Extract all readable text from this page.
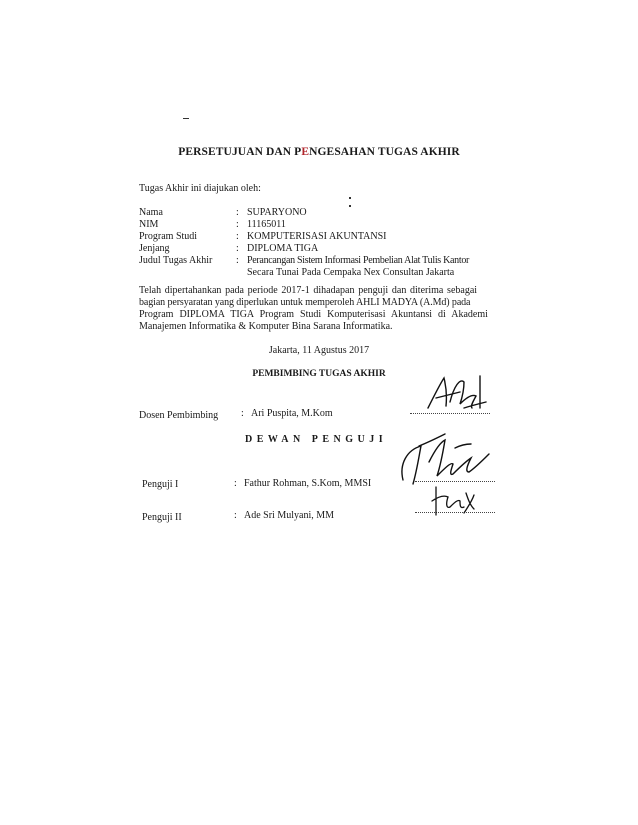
PERSETUJUAN DAN PENGESAHAN TUGAS AKHIR
Tugas Akhir ini diajukan oleh:
Nama	: SUPARYONO
NIM	: 11165011
Program Studi	: KOMPUTERISASI AKUNTANSI
Jenjang	: DIPLOMA TIGA
Judul Tugas Akhir : Perancangan Sistem Informasi Pembelian Alat Tulis Kantor
Secara Tunai Pada Cempaka Nex Consultan Jakarta
Telah dipertahankan pada periode 2017-1 dihadapan penguji dan diterima sebagai
bagian persyaratan yang diperlukan untuk memperoleh AHLI MADYA (A.Md) pada
Program DIPLOMA TIGA Program Studi Komputerisasi Akuntansi di Akademi
Manajemen Informatika & Komputer Bina Sarana Informatika.
Jakarta, 11 Agustus 2017
PEMBIMBING TUGAS AKHIR
Dosen Pembimbing : Ari Puspita, M.Kom
DEWAN PENGUJI
Penguji I	: Fathur Rohman, S.Kom, MMSI
Penguji II	: Ade Sri Mulyani, MM
